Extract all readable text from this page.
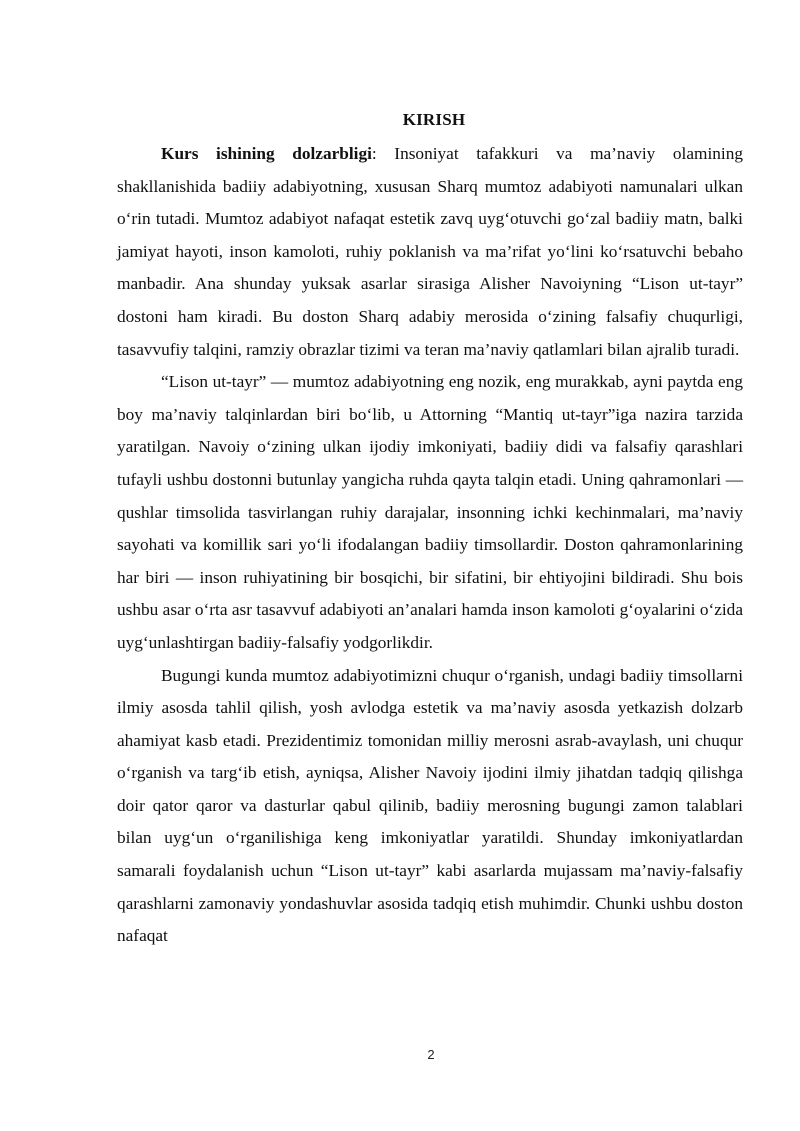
KIRISH

Kurs ishining dolzarbligi: Insoniyat tafakkuri va ma’naviy olamining shakllanishida badiiy adabiyotning, xususan Sharq mumtoz adabiyoti namunalari ulkan o‘rin tutadi. Mumtoz adabiyot nafaqat estetik zavq uyg‘otuvchi go‘zal badiiy matn, balki jamiyat hayoti, inson kamoloti, ruhiy poklanish va ma’rifat yo‘lini ko‘rsatuvchi bebaho manbadir. Ana shunday yuksak asarlar sirasiga Alisher Navoiyning “Lison ut-tayr” dostoni ham kiradi. Bu doston Sharq adabiy merosida o‘zining falsafiy chuqurligi, tasavvufiy talqini, ramziy obrazlar tizimi va teran ma’naviy qatlamlari bilan ajralib turadi.

“Lison ut-tayr” — mumtoz adabiyotning eng nozik, eng murakkab, ayni paytda eng boy ma’naviy talqinlardan biri bo‘lib, u Attorning “Mantiq ut-tayr”iga nazira tarzida yaratilgan. Navoiy o‘zining ulkan ijodiy imkoniyati, badiiy didi va falsafiy qarashlari tufayli ushbu dostonni butunlay yangicha ruhda qayta talqin etadi. Uning qahramonlari — qushlar timsolida tasvirlangan ruhiy darajalar, insonning ichki kechinmalari, ma’naviy sayohati va komillik sari yo‘li ifodalangan badiiy timsollardir. Doston qahramonlarining har biri — inson ruhiyatining bir bosqichi, bir sifatini, bir ehtiyojini bildiradi. Shu bois ushbu asar o‘rta asr tasavvuf adabiyoti an’analari hamda inson kamoloti g‘oyalarini o‘zida uyg‘unlashtirgan badiiy-falsafiy yodgorlikdir.

Bugungi kunda mumtoz adabiyotimizni chuqur o‘rganish, undagi badiiy timsollarni ilmiy asosda tahlil qilish, yosh avlodga estetik va ma’naviy asosda yetkazish dolzarb ahamiyat kasb etadi. Prezidentimiz tomonidan milliy merosni asrab-avaylash, uni chuqur o‘rganish va targ‘ib etish, ayniqsa, Alisher Navoiy ijodini ilmiy jihatdan tadqiq qilishga doir qator qaror va dasturlar qabul qilinib, badiiy merosning bugungi zamon talablari bilan uyg‘un o‘rganilishiga keng imkoniyatlar yaratildi. Shunday imkoniyatlardan samarali foydalanish uchun “Lison ut-tayr” kabi asarlarda mujassam ma’naviy-falsafiy qarashlarni zamonaviy yondashuvlar asosida tadqiq etish muhimdir. Chunki ushbu doston nafaqat

2
